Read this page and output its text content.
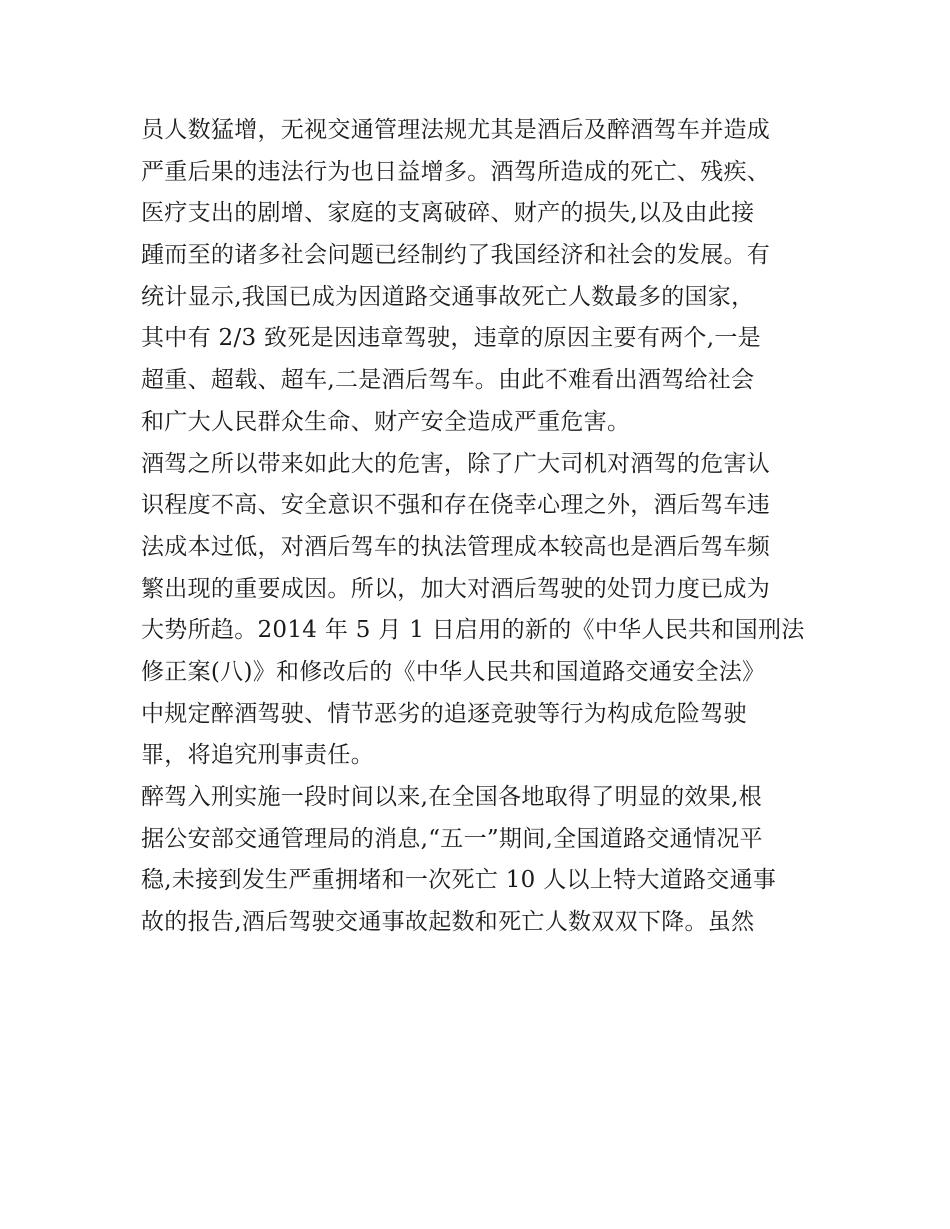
员人数猛增，无视交通管理法规尤其是酒后及醉酒驾车并造成
严重后果的违法行为也日益增多。酒驾所造成的死亡、残疾、
医疗支出的剧增、家庭的支离破碎、财产的损失,以及由此接
踵而至的诸多社会问题已经制约了我国经济和社会的发展。有
统计显示,我国已成为因道路交通事故死亡人数最多的国家，
其中有 2/3 致死是因违章驾驶，违章的原因主要有两个,一是
超重、超载、超车,二是酒后驾车。由此不难看出酒驾给社会
和广大人民群众生命、财产安全造成严重危害。
酒驾之所以带来如此大的危害，除了广大司机对酒驾的危害认
识程度不高、安全意识不强和存在侥幸心理之外，酒后驾车违
法成本过低，对酒后驾车的执法管理成本较高也是酒后驾车频
繁出现的重要成因。所以，加大对酒后驾驶的处罚力度已成为
大势所趋。2014 年 5 月 1 日启用的新的《中华人民共和国刑法
修正案(八)》和修改后的《中华人民共和国道路交通安全法》
中规定醉酒驾驶、情节恶劣的追逐竞驶等行为构成危险驾驶
罪，将追究刑事责任。
醉驾入刑实施一段时间以来,在全国各地取得了明显的效果,根
据公安部交通管理局的消息,“五一”期间,全国道路交通情况平
稳,未接到发生严重拥堵和一次死亡 10 人以上特大道路交通事
故的报告,酒后驾驶交通事故起数和死亡人数双双下降。虽然
